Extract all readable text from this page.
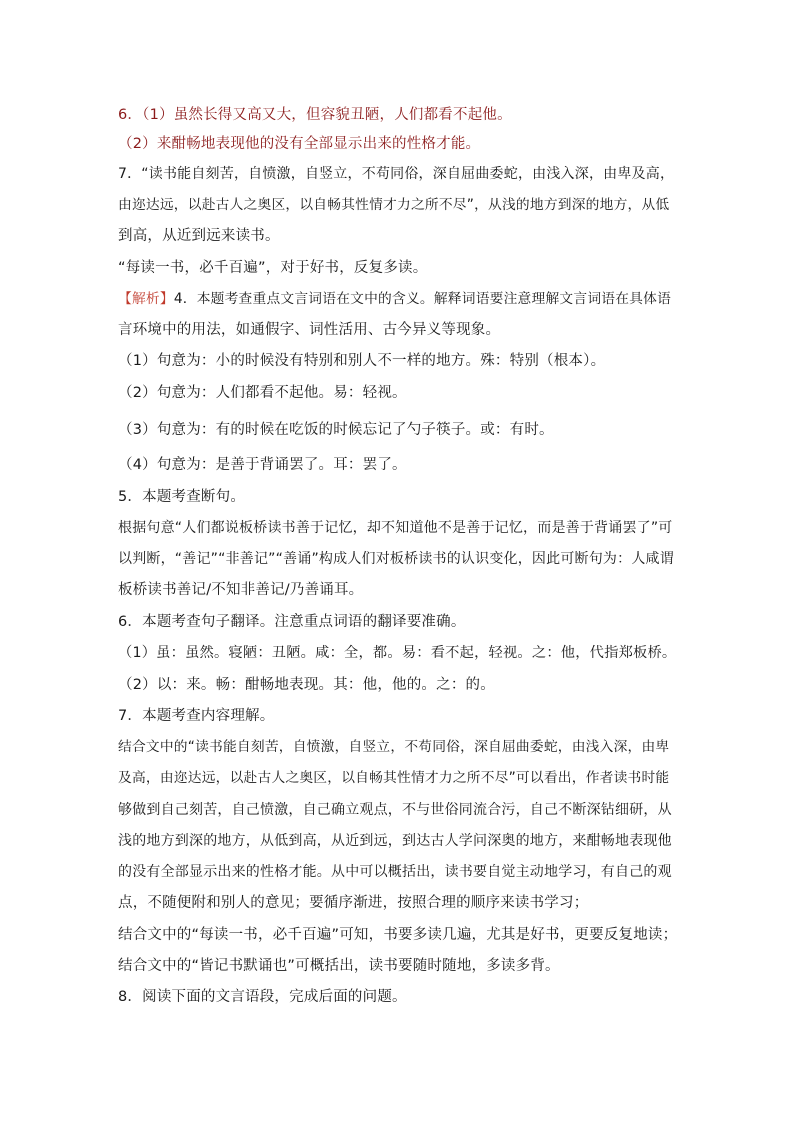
6．（1）虽然长得又高又大，但容貌丑陋，人们都看不起他。
（2）来酣畅地表现他的没有全部显示出来的性格才能。
7．“读书能自刻苦，自愤激，自竖立，不苟同俗，深自屈曲委蛇，由浅入深，由卑及高，
由迩达远，以赴古人之奥区，以自畅其性情才力之所不尽”，从浅的地方到深的地方，从低
到高，从近到远来读书。
“每读一书，必千百遍”，对于好书，反复多读。
【解析】4．本题考查重点文言词语在文中的含义。解释词语要注意理解文言词语在具体语
言环境中的用法，如通假字、词性活用、古今异义等现象。
（1）句意为：小的时候没有特别和别人不一样的地方。殊：特别（根本）。
（2）句意为：人们都看不起他。易：轻视。
（3）句意为：有的时候在吃饭的时候忘记了勺子筷子。或：有时。
（4）句意为：是善于背诵罢了。耳：罢了。
5．本题考查断句。
根据句意“人们都说板桥读书善于记忆，却不知道他不是善于记忆，而是善于背诵罢了”可
以判断，“善记”“非善记”“善诵”构成人们对板桥读书的认识变化，因此可断句为：人咸谓
板桥读书善记/不知非善记/乃善诵耳。
6．本题考查句子翻译。注意重点词语的翻译要准确。
（1）虽：虽然。寝陋：丑陋。咸：全，都。易：看不起，轻视。之：他，代指郑板桥。
（2）以：来。畅：酣畅地表现。其：他，他的。之：的。
7．本题考查内容理解。
结合文中的“读书能自刻苦，自愤激，自竖立，不苟同俗，深自屈曲委蛇，由浅入深，由卑
及高，由迩达远，以赴古人之奥区，以自畅其性情才力之所不尽”可以看出，作者读书时能
够做到自己刻苦，自己愤激，自己确立观点，不与世俗同流合污，自己不断深钻细研，从
浅的地方到深的地方，从低到高，从近到远，到达古人学问深奥的地方，来酣畅地表现他
的没有全部显示出来的性格才能。从中可以概括出，读书要自觉主动地学习，有自己的观
点，不随便附和别人的意见；要循序渐进，按照合理的顺序来读书学习；
结合文中的“每读一书，必千百遍”可知，书要多读几遍，尤其是好书，更要反复地读；
结合文中的“皆记书默诵也”可概括出，读书要随时随地，多读多背。
8．阅读下面的文言语段，完成后面的问题。
